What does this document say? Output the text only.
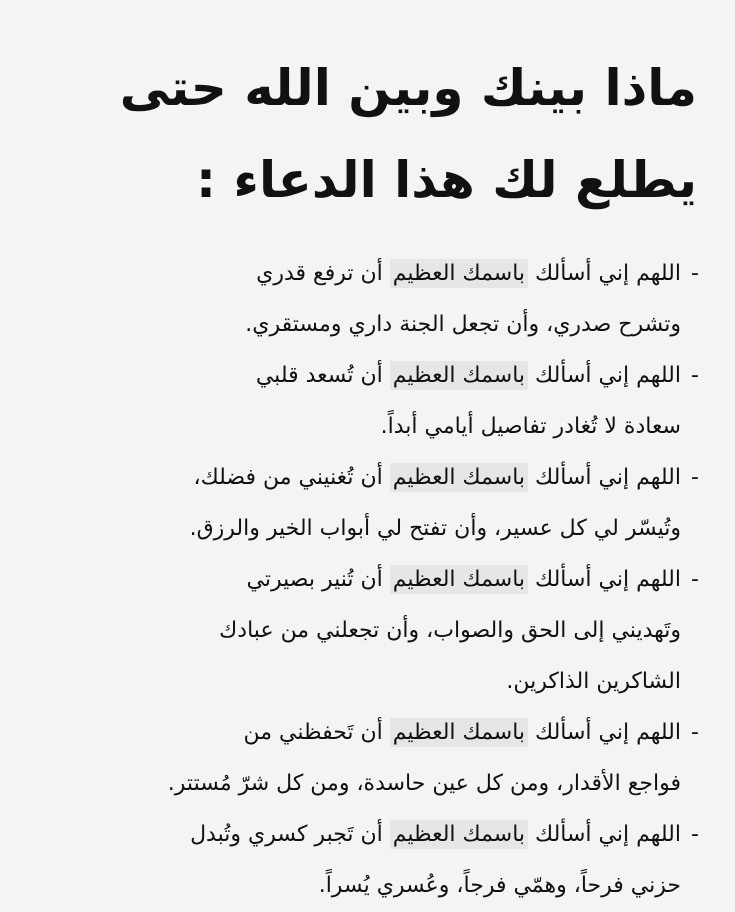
ماذا بينك وبين الله حتى
يطلع لك هذا الدعاء :
-
اللهم إني أسألك باسمك العظيم أن ترفع قدري
وتشرح صدري، وأن تجعل الجنة داري ومستقري.
-
اللهم إني أسألك باسمك العظيم أن تُسعد قلبي
سعادة لا تُغادر تفاصيل أيامي أبداً.
-
اللهم إني أسألك باسمك العظيم أن تُغنيني من فضلك،
وتُيسّر لي كل عسير، وأن تفتح لي أبواب الخير والرزق.
-
اللهم إني أسألك باسمك العظيم أن تُنير بصيرتي
وتَهديني إلى الحق والصواب، وأن تجعلني من عبادك
الشاكرين الذاكرين.
-
اللهم إني أسألك باسمك العظيم أن تَحفظني من
فواجع الأقدار، ومن كل عين حاسدة، ومن كل شرّ مُستتر.
-
اللهم إني أسألك باسمك العظيم أن تَجبر كسري وتُبدل
حزني فرحاً، وهمّي فرجاً، وعُسري يُسراً.
